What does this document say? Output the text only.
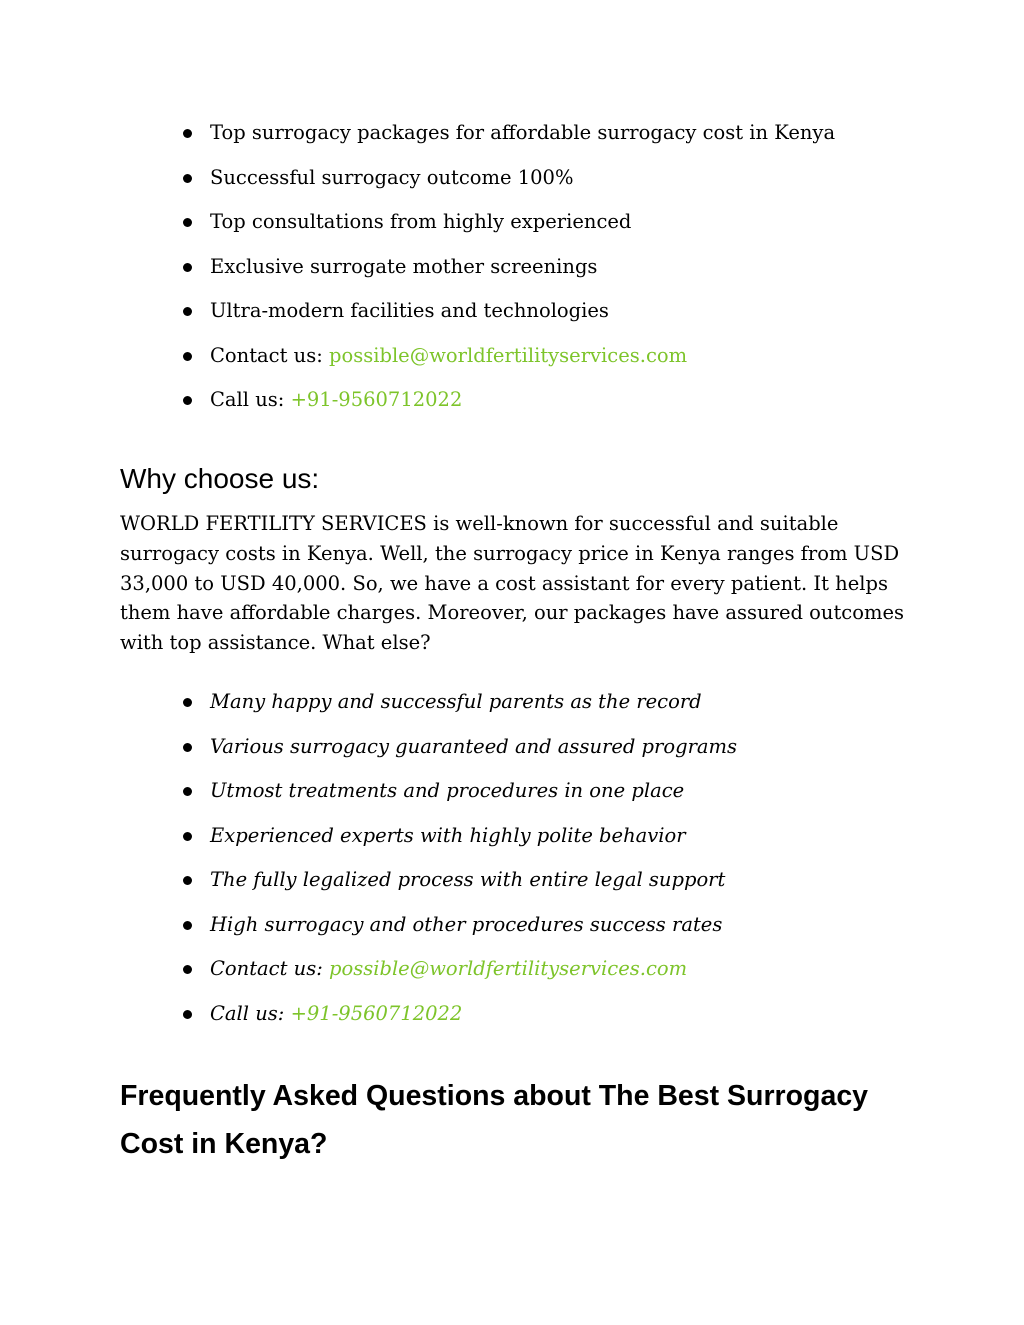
Top surrogacy packages for affordable surrogacy cost in Kenya
Successful surrogacy outcome 100%
Top consultations from highly experienced
Exclusive surrogate mother screenings
Ultra-modern facilities and technologies
Contact us: possible@worldfertilityservices.com
Call us: +91-9560712022
Why choose us:

WORLD FERTILITY SERVICES is well-known for successful and suitable surrogacy costs in Kenya. Well, the surrogacy price in Kenya ranges from USD 33,000 to USD 40,000. So, we have a cost assistant for every patient. It helps them have affordable charges. Moreover, our packages have assured outcomes with top assistance. What else?

Many happy and successful parents as the record
Various surrogacy guaranteed and assured programs
Utmost treatments and procedures in one place
Experienced experts with highly polite behavior
The fully legalized process with entire legal support
High surrogacy and other procedures success rates
Contact us: possible@worldfertilityservices.com
Call us: +91-9560712022
Frequently Asked Questions about The Best Surrogacy Cost in Kenya?
